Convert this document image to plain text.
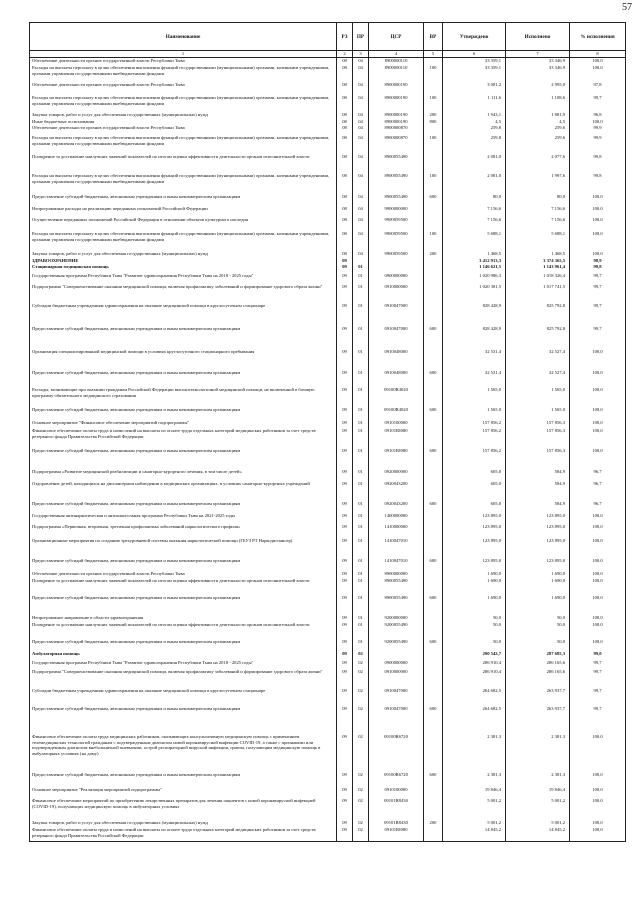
57
Наименование	РЗ	ПР	ЦСР	ВР	Утверждено	Исполнено	% исполнения
1	2	3	4	5	6	7	8
Обеспечение деятельности органов государственной власти Республики Тыва	08	04	8900000110		33 359,1	33 346,9	100,0
Расходы на выплаты персоналу в целях обеспечения выполнения функций государственными (муниципальными) органами, казенными учреждениями, органами управления государственными внебюджетными фондами	08	04	8900000110	100	33 359,1	33 346,9	100,0
Обеспечение деятельности органов государственной власти Республики Тыва	08	04	8900000190		3 081,2	2 995,0	97,8
Расходы на выплаты персоналу в целях обеспечения выполнения функций государственными (муниципальными) органами, казенными учреждениями, органами управления государственными внебюджетными фондами	08	04	8900000190	100	1 111,6	1 108,6	99,7
Закупка товаров, работ и услуг для обеспечения государственных (муниципальных) нужд	08	04	8900000190	200	1 943,1	1 881,9	96,8
Иные бюджетные ассигнования	08	04	8900000190	800	4,5	4,5	100,0
Обеспечение деятельности органов государственной власти Республики Тыва	08	04	8900000870		259,8	259,6	99,9
Расходы на выплаты персоналу в целях обеспечения выполнения функций государственными (муниципальными) органами, казенными учреждениями, органами управления государственными внебюджетными фондами	08	04	8900000870	100	259,8	259,6	99,9
Поощрение за достижение наилучших значений показателей по итогам оценки эффективности деятельности органов исполнительной власти	08	04	8900055490		2 081,0	2 077,6	99,8
Расходы на выплаты персоналу в целях обеспечения выполнения функций государственными (муниципальными) органами, казенными учреждениями, органами управления государственными внебюджетными фондами	08	04	8900055490	100	2 081,0	1 997,6	99,8
Предоставление субсидий бюджетным, автономным учреждениям и иным некоммерческим организациям	08	04	8900055490	600	80,0	80,0	100,0
Непрограммные расходы на реализацию переданных полномочий Российской Федерации	08	04	9900000000		7 156,6	7 156,6	100,0
Осуществление переданных полномочий Российской Федерации в отношении объектов культурного наследия	08	04	9900059500		7 156,6	7 156,6	100,0
Расходы на выплаты персоналу в целях обеспечения выполнения функций государственными (муниципальными) органами, казенными учреждениями, органами управления государственными внебюджетными фондами	08	04	9900059500	100	5 688,1	5 688,1	100,0
Закупка товаров, работ и услуг для обеспечения государственных (муниципальных) нужд	08	04	9900059500	200	1 468,5	1 468,5	100,0
ЗДРАВООХРАНЕНИЕ	09				3 412 913,3	3 374 365,5	98,9
Стационарная медицинская помощь	09	01			1 146 621,5	1 143 961,4	99,8
Государственная программа Республики Тыва "Развитие здравоохранения Республики Тыва на 2018 - 2025 годы"	09	01	0900000000		1 020 986,3	1 018 326,4	99,7
Подпрограмма "Совершенствование оказания медицинской помощи, включая профилактику заболеваний и формирование здорового образа жизни"	09	01	0910000000		1 020 381,5	1 017 741,5	99,7
Субсидии бюджетным учреждениям здравоохранения на оказание медицинской помощи в круглосуточном стационаре	09	01	0910047000		828 428,9	825 792,8	99,7
Предоставление субсидий бюджетным, автономным учреждениям и иным некоммерческим организациям	09	01	0910047000	600	828 428,9	825 792,8	99,7
Организация специализированной медицинской помощи в условиях круглосуточного стационарного пребывания	09	01	0910048000		32 531,4	32 527,4	100,0
Предоставление субсидий бюджетным, автономным учреждениям и иным некоммерческим организациям	09	01	0910048000	600	32 531,4	32 527,4	100,0
Расходы, возникающие при оказании гражданам Российской Федерации высокотехнологичной медицинской помощи, не включенной в базовую программу обязательного медицинского страхования	09	01	09100R4020		1 565,0	1 565,0	100,0
Предоставление субсидий бюджетным, автономным учреждениям и иным некоммерческим организациям	09	01	09100R4020	600	1 565,0	1 565,0	100,0
Основное мероприятие "Финансовое обеспечение мероприятий подпрограммы"	09	01	0910100000		157 856,2	157 856,3	100,0
Финансовое обеспечение оплаты труда и начислений на выплаты по оплате труда отдельных категорий медицинских работников за счет средств резервного фонда Правительства Российской Федерации	09	01	09101RI080		157 856,2	157 856,3	100,0
Предоставление субсидий бюджетным, автономным учреждениям и иным некоммерческим организациям	09	01	09101RI080	600	157 856,2	157 856,3	100,0
Подпрограмма «Развитие медицинской реабилитации и санаторно-курортного лечения, в том числе детей»	09	01	0920000000		605,0	584,9	96,7
Оздоровление детей, находящихся на диспансерном наблюдении в медицинских организациях, в условиях санаторно-курортных учреждений	09	01	0920043200		605,0	584,9	96,7
Предоставление субсидий бюджетным, автономным учреждениям и иным некоммерческим организациям	09	01	0920043200	600	605,0	584,9	96,7
Государственная антинаркотическая и антиалкогольная программа Республики Тыва на 2021-2025 годы	09	01	1400000000		123 895,0	123 895,0	100,0
Подпрограмма «Первичная, вторичная, третичная профилактика заболеваний наркологического профиля»	09	01	1410000000		123 895,0	123 895,0	100,0
Организационные мероприятия по созданию трехуровневой системы оказания наркологической помощи (ГБУЗ РТ Наркодиспансер)	09	01	1410047010		123 895,0	123 895,0	100,0
Предоставление субсидий бюджетным, автономным учреждениям и иным некоммерческим организациям	09	01	1410047010	600	123 895,0	123 895,0	100,0
Обеспечение деятельности органов государственной власти Республики Тыва	09	01	8900000000		1 690,0	1 690,0	100,0
Поощрение за достижение наилучших значений показателей по итогам оценки эффективности деятельности органов исполнительной власти	09	01	8900055490		1 690,0	1 690,0	100,0
Предоставление субсидий бюджетным, автономным учреждениям и иным некоммерческим организациям	09	01	8900055490	600	1 690,0	1 690,0	100,0
Непрограммное направление в области здравоохранения	09	01	9200000000		50,0	50,0	100,0
Поощрение за достижение наилучших значений показателей по итогам оценки эффективности деятельности органов исполнительной власти	09	01	9200055490		50,0	50,0	100,0
Предоставление субсидий бюджетным, автономным учреждениям и иным некоммерческим организациям	09	01	9200055490	600	50,0	50,0	100,0
Амбулаторная помощь	09	02			290 542,7	287 685,3	99,0
Государственная программа Республики Тыва "Развитие здравоохранения Республики Тыва на 2018 - 2025 годы"	09	02	0900000000		286 910,4	286 165,6	99,7
Подпрограмма "Совершенствование оказания медицинской помощи, включая профилактику заболеваний и формирование здорового образа жизни"	09	02	0910000000		286 910,4	286 165,6	99,7
Субсидии бюджетным учреждениям здравоохранения на оказание медицинской помощи в круглосуточном стационаре	09	02	0910047000		264 682,5	263 937,7	99,7
Предоставление субсидий бюджетным, автономным учреждениям и иным некоммерческим организациям	09	02	0910047000	600	264 682,5	263 937,7	99,7
Финансовое обеспечение оплаты труда медицинских работников, оказывающих консультативную медицинскую помощь с применением телемедицинских технологий гражданам с подтвержденным диагнозом новой коронавирусной инфекции COVID-19, а также с признаками или подтвержденным диагнозом внебольничной пневмонии, острой респираторной вирусной инфекции, гриппа, получающим медицинскую помощь в амбулаторных условиях (на дому)	09	02	09100R6720		2 381,3	2 381,3	100,0
Предоставление субсидий бюджетным, автономным учреждениям и иным некоммерческим организациям	09	02	09100R6720	600	2 381,3	2 381,3	100,0
Основное мероприятие "Реализация мероприятий подпрограммы"	09	02	0910100000		19 846,4	19 846,4	100,0
Финансовое обеспечение мероприятий по приобретению лекарственных препаратов для лечения пациентов с новой коронавирусной инфекцией (COVID-19), получающих медицинскую помощь в амбулаторных условиях	09	02	09101R8430		5 001,2	5 001,2	100,0
Закупка товаров, работ и услуг для обеспечения государственных (муниципальных) нужд	09	02	09101R8430	200	5 001,2	5 001,2	100,0
Финансовое обеспечение оплаты труда и начислений на выплаты по оплате труда отдельных категорий медицинских работников за счет средств резервного фонда Правительства Российской Федерации	09	02	09101RI080		14 845,2	14 845,2	100,0
